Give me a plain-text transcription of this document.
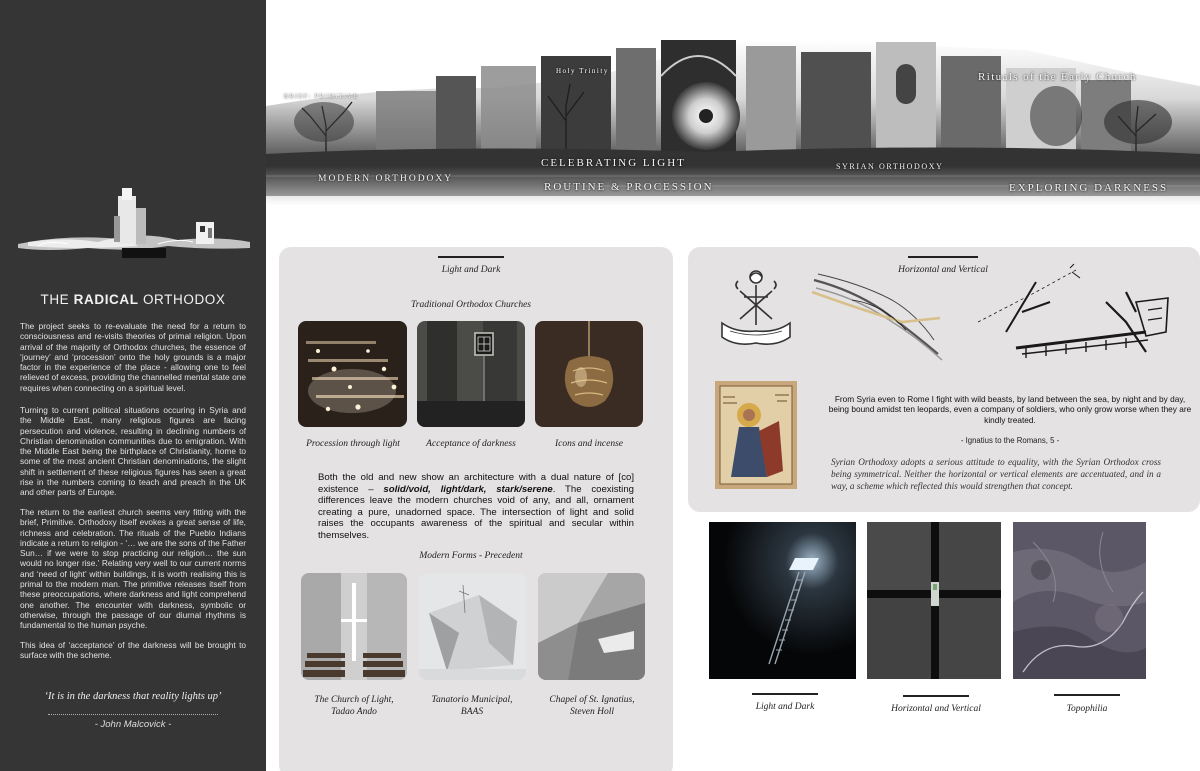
THE RADICAL ORTHODOX

The project seeks to re-evaluate the need for a return to consciousness and re-visits theories of primal religion. Upon arrival of the majority of Orthodox churches, the essence of ‘journey’ and ‘procession’ onto the holy grounds is a major factor in the experience of the place - allowing one to feel relieved of excess, providing the channelled mental state one requires when connecting on a spiritual level.

Turning to current political situations occuring in Syria and the Middle East, many religious figures are facing persecution and violence, resulting in declining numbers of Christian denomination communities due to emigration. With the Middle East being the birthplace of Christianity, home to some of the most ancient Christian denominations, the slight shift in settlement of these religious figures has seen a great rise in the numbers coming to teach and preach in the UK and other parts of Europe.

The return to the earliest church seems very fitting with the brief, Primitive. Orthodoxy itself evokes a great sense of life, richness and celebration. The rituals of the Pueblo Indians indicate a return to religion - ‘… we are the sons of the Father Sun… if we were to stop practicing our religion… the sun would no longer rise.’ Relating very well to our current norms and ‘need of light’ within buildings, it is worth realising this is primal to the modern man. The primitive releases itself from these preoccupations, where darkness and light comprehend one another. The encounter with darkness, symbolic or otherwise, through the passage of our diurnal rhythms is fundamental to the human psyche.

This idea of ‘acceptance’ of the darkness will be brought to surface with the scheme.

‘It is in the darkness that reality lights up’
- John Malcovick -
Holy Trinity
BRIEF: PRIMITIVE
Rituals of the Early Church
CELEBRATING LIGHT
MODERN ORTHODOXY
ROUTINE & PROCESSION
SYRIAN ORTHODOXY
EXPLORING DARKNESS
Light and Dark
Traditional Orthodox Churches
Procession through light	Acceptance of darkness	Icons and incense

Both the old and new show an architecture with a dual nature of [co] existence – solid/void, light/dark, stark/serene. The coexisting differences leave the modern churches void of any, and all, ornament creating a pure, unadorned space. The intersection of light and solid raises the occupants awareness of the spiritual and secular within themselves.

Modern Forms - Precedent
The Church of Light,
Tadao Ando
Tanatorio Municipal,
BAAS
Chapel of St. Ignatius,
Steven Holl
Horizontal and Vertical

From Syria even to Rome I fight with wild beasts, by land between the sea, by night and by day, being bound amidst ten leopards, even a company of soldiers, who only grow worse when they are kindly treated.

- Ignatius to the Romans, 5 -

Syrian Orthodoxy adopts a serious attitude to equality, with the Syrian Orthodox cross being symmetrical. Neither the horizontal or vertical elements are accentuated, and in a way, a scheme which reflected this would strengthen that concept.

Light and Dark	Horizontal and Vertical	Topophilia
